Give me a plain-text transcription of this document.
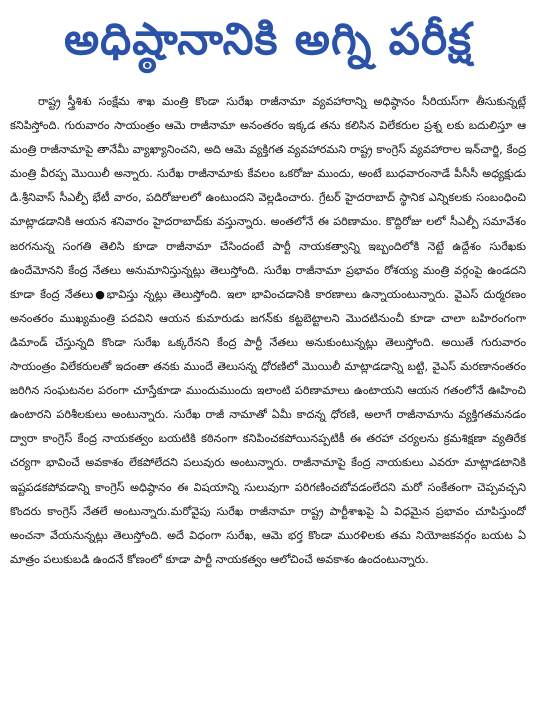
అధిష్ఠానానికి అగ్ని పరీక్ష

రాష్ట్ర స్త్రీశిశు సంక్షేమ శాఖ మంత్రి కొండా సురేఖ రాజీనామా వ్యవహారాన్ని అధిష్ఠానం సీరియస్‌గా తీసుకున్నట్లే కనిపిస్తోంది. గురువారం సాయంత్రం ఆమె రాజీనామా అనంతరం ఇక్కడ తను కలిసిన విలేకరుల ప్రశ్న లకు బదులిస్తూ ఆ మంత్రి రాజీనామాపై తానేమీ వ్యాఖ్యానించని, అది ఆమె వ్యక్తిగత వ్యవహారమని రాష్ట్ర కాంగ్రెస్ వ్యవహారాల ఇన్‌చార్జి, కేంద్ర మంత్రి వీరప్ప మొయిలీ అన్నారు. సురేఖ రాజీనామాకు కేవలం ఒకరోజు ముందు, అంటే బుధవారంనాడే పీసీసీ అధ్యక్షుడు డి.శ్రీనివాస్ సీఎల్పీ భేటీ వారం, పదిరోజులలో ఉంటుందని వెల్లడించారు. గ్రేటర్ హైదరాబాద్ స్థానిక ఎన్నికలకు సంబంధించి మాట్లాడడానికి ఆయన శనివారం హైదరాబాద్‌కు వస్తున్నారు. అంతలోనే ఈ పరిణామం. కొద్దిరోజు లలో సీఎల్పీ సమావేశం జరగనున్న సంగతి తెలిసి కూడా రాజీనామా చేసిందంటే పార్టీ నాయకత్వాన్ని ఇబ్బందిలోకి నెట్టే ఉద్దేశం సురేఖకు ఉందేమోనని కేంద్ర నేతలు అనుమానిస్తున్నట్లు తెలుస్తోంది. సురేఖ రాజీనామా ప్రభావం రోశయ్య మంత్రి వర్గంపై ఉండదని కూడా కేంద్ర నేతలు●భావిస్తు న్నట్లు తెలుస్తోంది. ఇలా భావించడానికి కారణాలు ఉన్నాయంటున్నారు. వైఎస్ దుర్మరణం అనంతరం ముఖ్యమంత్రి పదవిని ఆయన కుమారుడు జగన్‌కు కట్టబెట్టాలని మొదటినుంచీ కూడా చాలా బహిరంగంగా డిమాండ్ చేస్తున్నది కొండా సురేఖ ఒక్కరేనని కేంద్ర పార్టీ నేతలు అనుకుంటున్నట్లు తెలుస్తోంది. అయితే గురువారం సాయంత్రం విలేకరులతో ఇదంతా తనకు ముందే తెలుసన్న ధోరణిలో మొయిలీ మాట్లాడడాన్ని బట్టి, వైఎస్ మరణానంతరం జరిగిన సంఘటనల పరంగా చూస్తేకూడా ముందుముందు ఇలాంటి పరిణామాలు ఉంటాయని ఆయన గతంలోనే ఊహించి ఉంటారని పరిశీలకులు అంటున్నారు. సురేఖ రాజీ నామాతో ఏమీ కాదన్న ధోరణి, అలాగే రాజీనామాను వ్యక్తిగతమనడం ద్వారా కాంగ్రెస్ కేంద్ర నాయకత్వం బయటికి కఠినంగా కనిపించకపోయినప్పటికీ ఈ తరహా చర్యలను క్రమశిక్షణా వ్యతిరేక చర్యగా భావించే అవకాశం లేకపోలేదని పలువురు అంటున్నారు. రాజీనామాపై కేంద్ర నాయకులు ఎవరూ మాట్లాడటానికి ఇష్టపడకపోవడాన్ని కాంగ్రెస్ అధిష్ఠానం ఈ విషయాన్ని సులువుగా పరిగణించబోవడంలేదని మరో సంకేతంగా చెప్పవచ్చని కొందరు కాంగ్రెస్ నేతలే అంటున్నారు.మరోవైపు సురేఖ రాజీనామా రాష్ట్ర పార్టీశాఖపై ఏ విధమైన ప్రభావం చూపిస్తుందో అంచనా వేయనున్నట్లు తెలుస్తోంది. అదే విధంగా సురేఖ, ఆమె భర్త కొండా మురళిలకు తమ నియోజకవర్గం బయట ఏ మాత్రం పలుకుబడి ఉందనే కోణంలో కూడా పార్టీ నాయకత్వం ఆలోచించే అవకాశం ఉందంటున్నారు.
